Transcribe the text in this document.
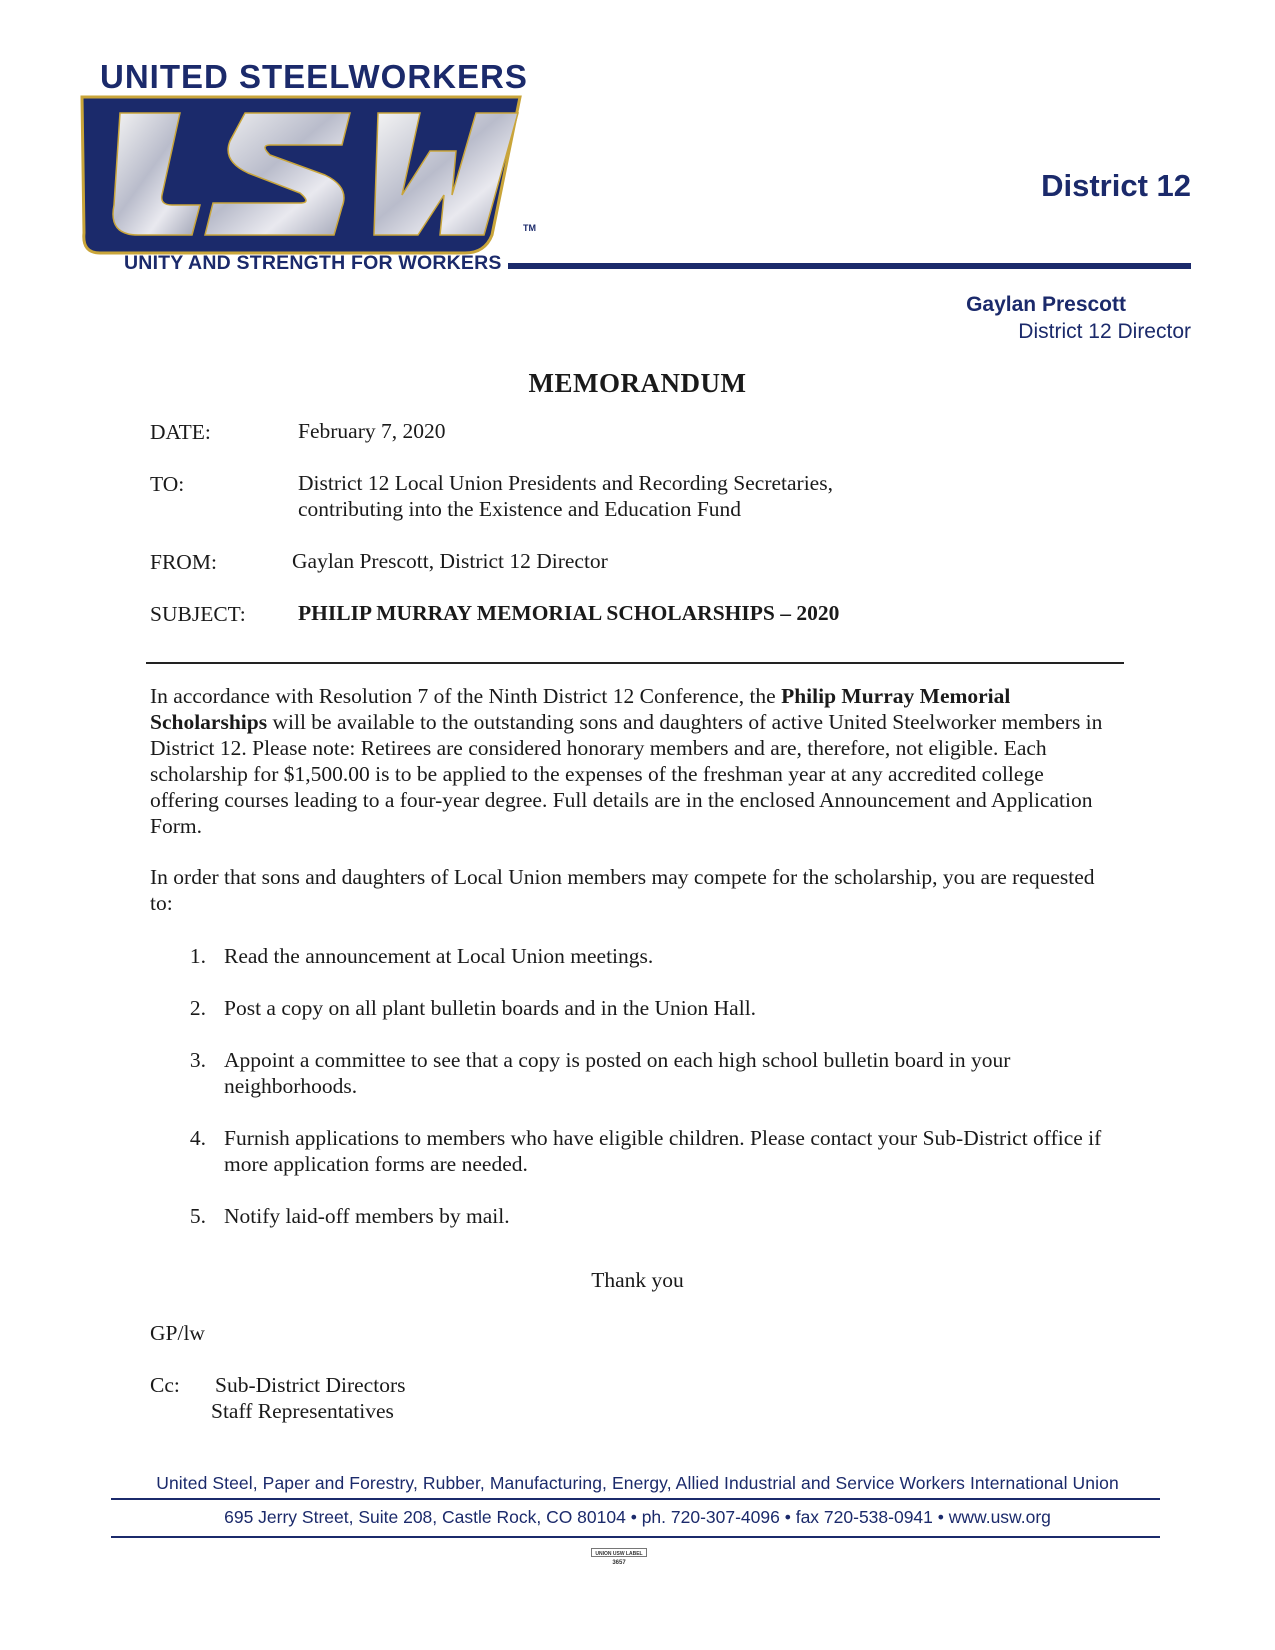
UNITED STEELWORKERS
TM
UNITY AND STRENGTH FOR WORKERS
District 12
Gaylan Prescott
District 12 Director
MEMORANDUM
DATE:	February 7, 2020
TO:	District 12 Local Union Presidents and Recording Secretaries,
contributing into the Existence and Education Fund
FROM:	Gaylan Prescott, District 12 Director
SUBJECT: PHILIP MURRAY MEMORIAL SCHOLARSHIPS – 2020
In accordance with Resolution 7 of the Ninth District 12 Conference, the Philip Murray Memorial Scholarships will be available to the outstanding sons and daughters of active United Steelworker members in District 12. Please note: Retirees are considered honorary members and are, therefore, not eligible. Each scholarship for $1,500.00 is to be applied to the expenses of the freshman year at any accredited college offering courses leading to a four-year degree. Full details are in the enclosed Announcement and Application Form.
In order that sons and daughters of Local Union members may compete for the scholarship, you are requested to:
1. Read the announcement at Local Union meetings.
2. Post a copy on all plant bulletin boards and in the Union Hall.
3. Appoint a committee to see that a copy is posted on each high school bulletin board in your neighborhoods.
4. Furnish applications to members who have eligible children. Please contact your Sub-District office if more application forms are needed.
5. Notify laid-off members by mail.
Thank you
GP/lw
Cc:	Sub-District Directors
Staff Representatives
United Steel, Paper and Forestry, Rubber, Manufacturing, Energy, Allied Industrial and Service Workers International Union
695 Jerry Street, Suite 208, Castle Rock, CO 80104 • ph. 720-307-4096 • fax 720-538-0941 • www.usw.org
UNION USW LABEL
3657
